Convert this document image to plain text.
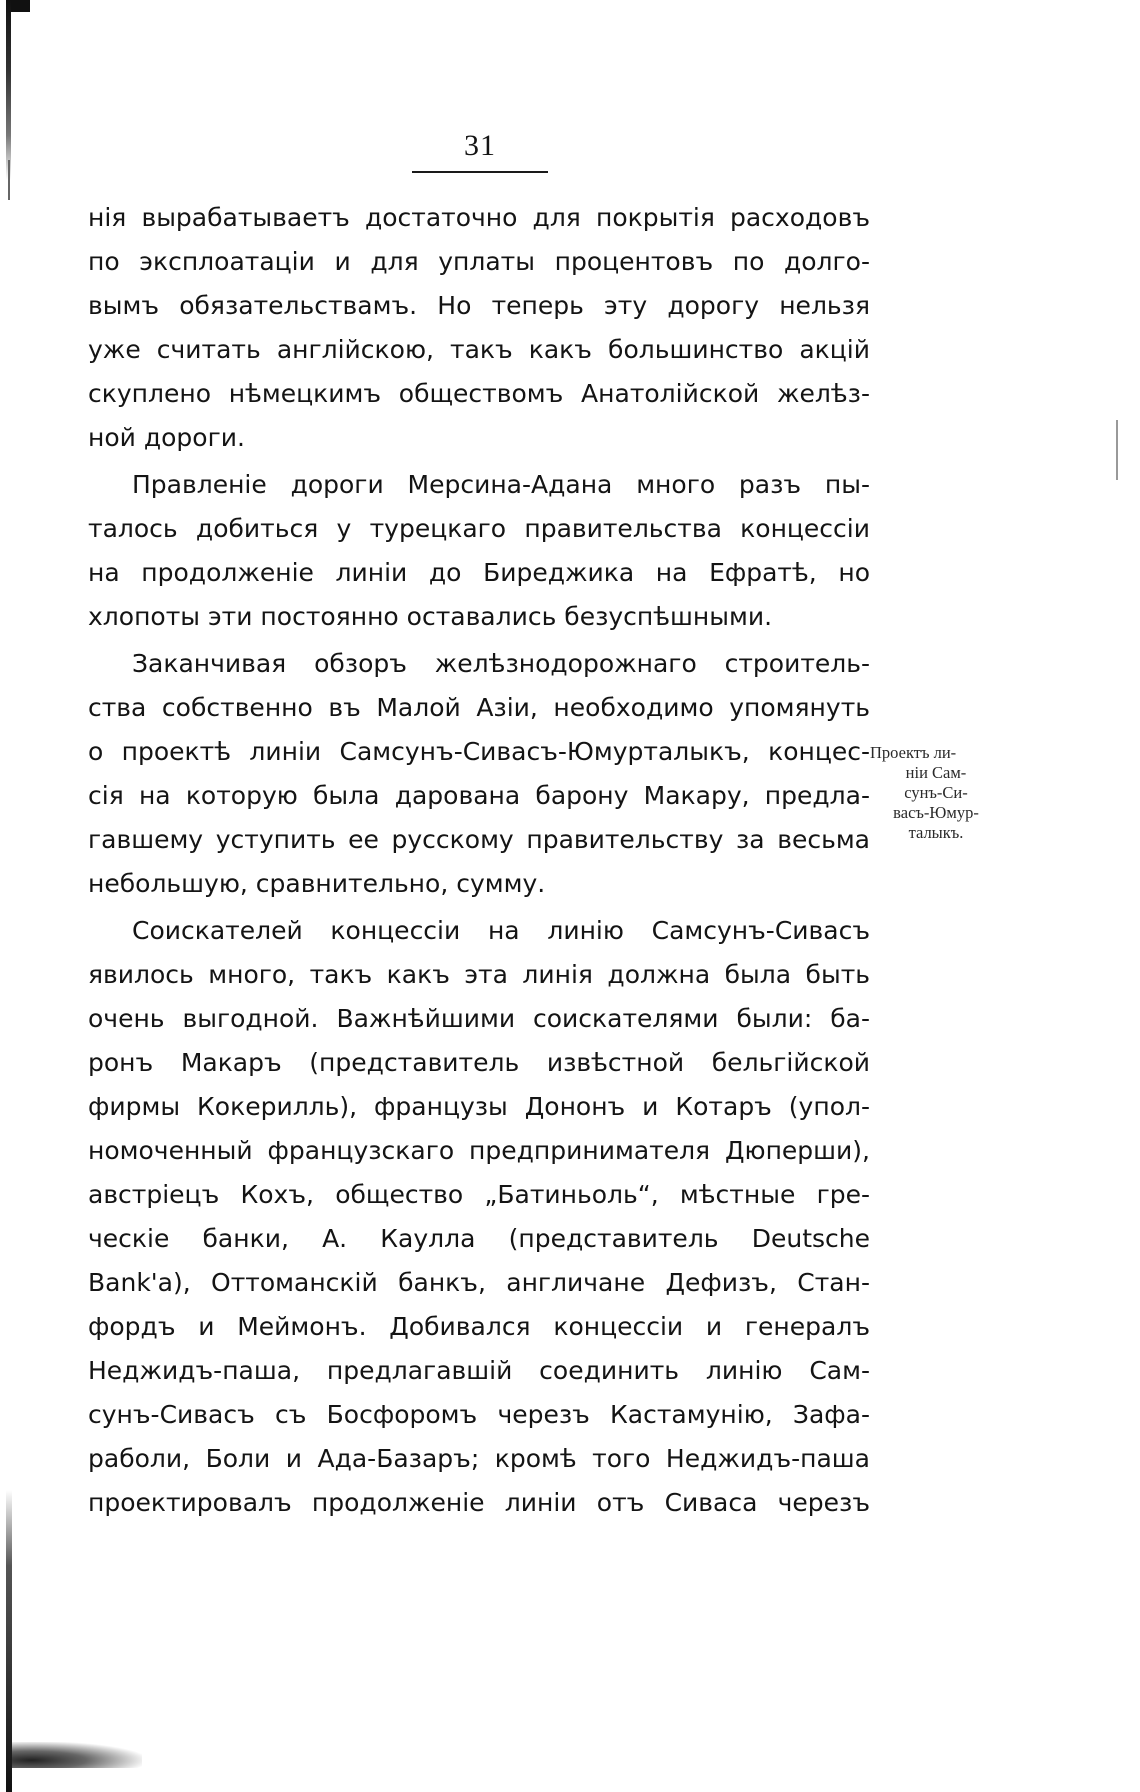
31
нія вырабатываетъ достаточно для покрытія расходовъ
по эксплоатаціи и для уплаты процентовъ по долго-
вымъ обязательствамъ. Но теперь эту дорогу нельзя
уже считать англійскою, такъ какъ большинство акцій
скуплено нѣмецкимъ обществомъ Анатолійской желѣз-
ной дороги.
Правленіе дороги Мерсина-Адана много разъ пы-
талось добиться у турецкаго правительства концессіи
на продолженіе линіи до Биреджика на Ефратѣ, но
хлопоты эти постоянно оставались безуспѣшными.
Заканчивая обзоръ желѣзнодорожнаго строитель-
ства собственно въ Малой Азіи, необходимо упомянуть
о проектѣ линіи Самсунъ-Сивасъ-Юмурталыкъ, концес-
сія на которую была дарована барону Макару, предла-
гавшему уступить ее русскому правительству за весьма
небольшую, сравнительно, сумму.
Соискателей концессіи на линію Самсунъ-Сивасъ
явилось много, такъ какъ эта линія должна была быть
очень выгодной. Важнѣйшими соискателями были: ба-
ронъ Макаръ (представитель извѣстной бельгійской
фирмы Кокерилль), французы Дононъ и Котаръ (упол-
номоченный французскаго предпринимателя Дюперши),
австріецъ Кохъ, общество „Батиньоль“, мѣстные гре-
ческіе банки, А. Каулла (представитель Deutsche
Bank'а), Оттоманскій банкъ, англичане Дефизъ, Стан-
фордъ и Меймонъ. Добивался концессіи и генералъ
Неджидъ-паша, предлагавшій соединить линію Сам-
сунъ-Сивасъ съ Босфоромъ черезъ Кастамунію, Зафа-
раболи, Боли и Ада-Базаръ; кромѣ того Неджидъ-паша
проектировалъ продолженіе линіи отъ Сиваса черезъ
Проектъ ли-
ніи Сам-
сунъ-Си-
васъ-Юмур-
талыкъ.
